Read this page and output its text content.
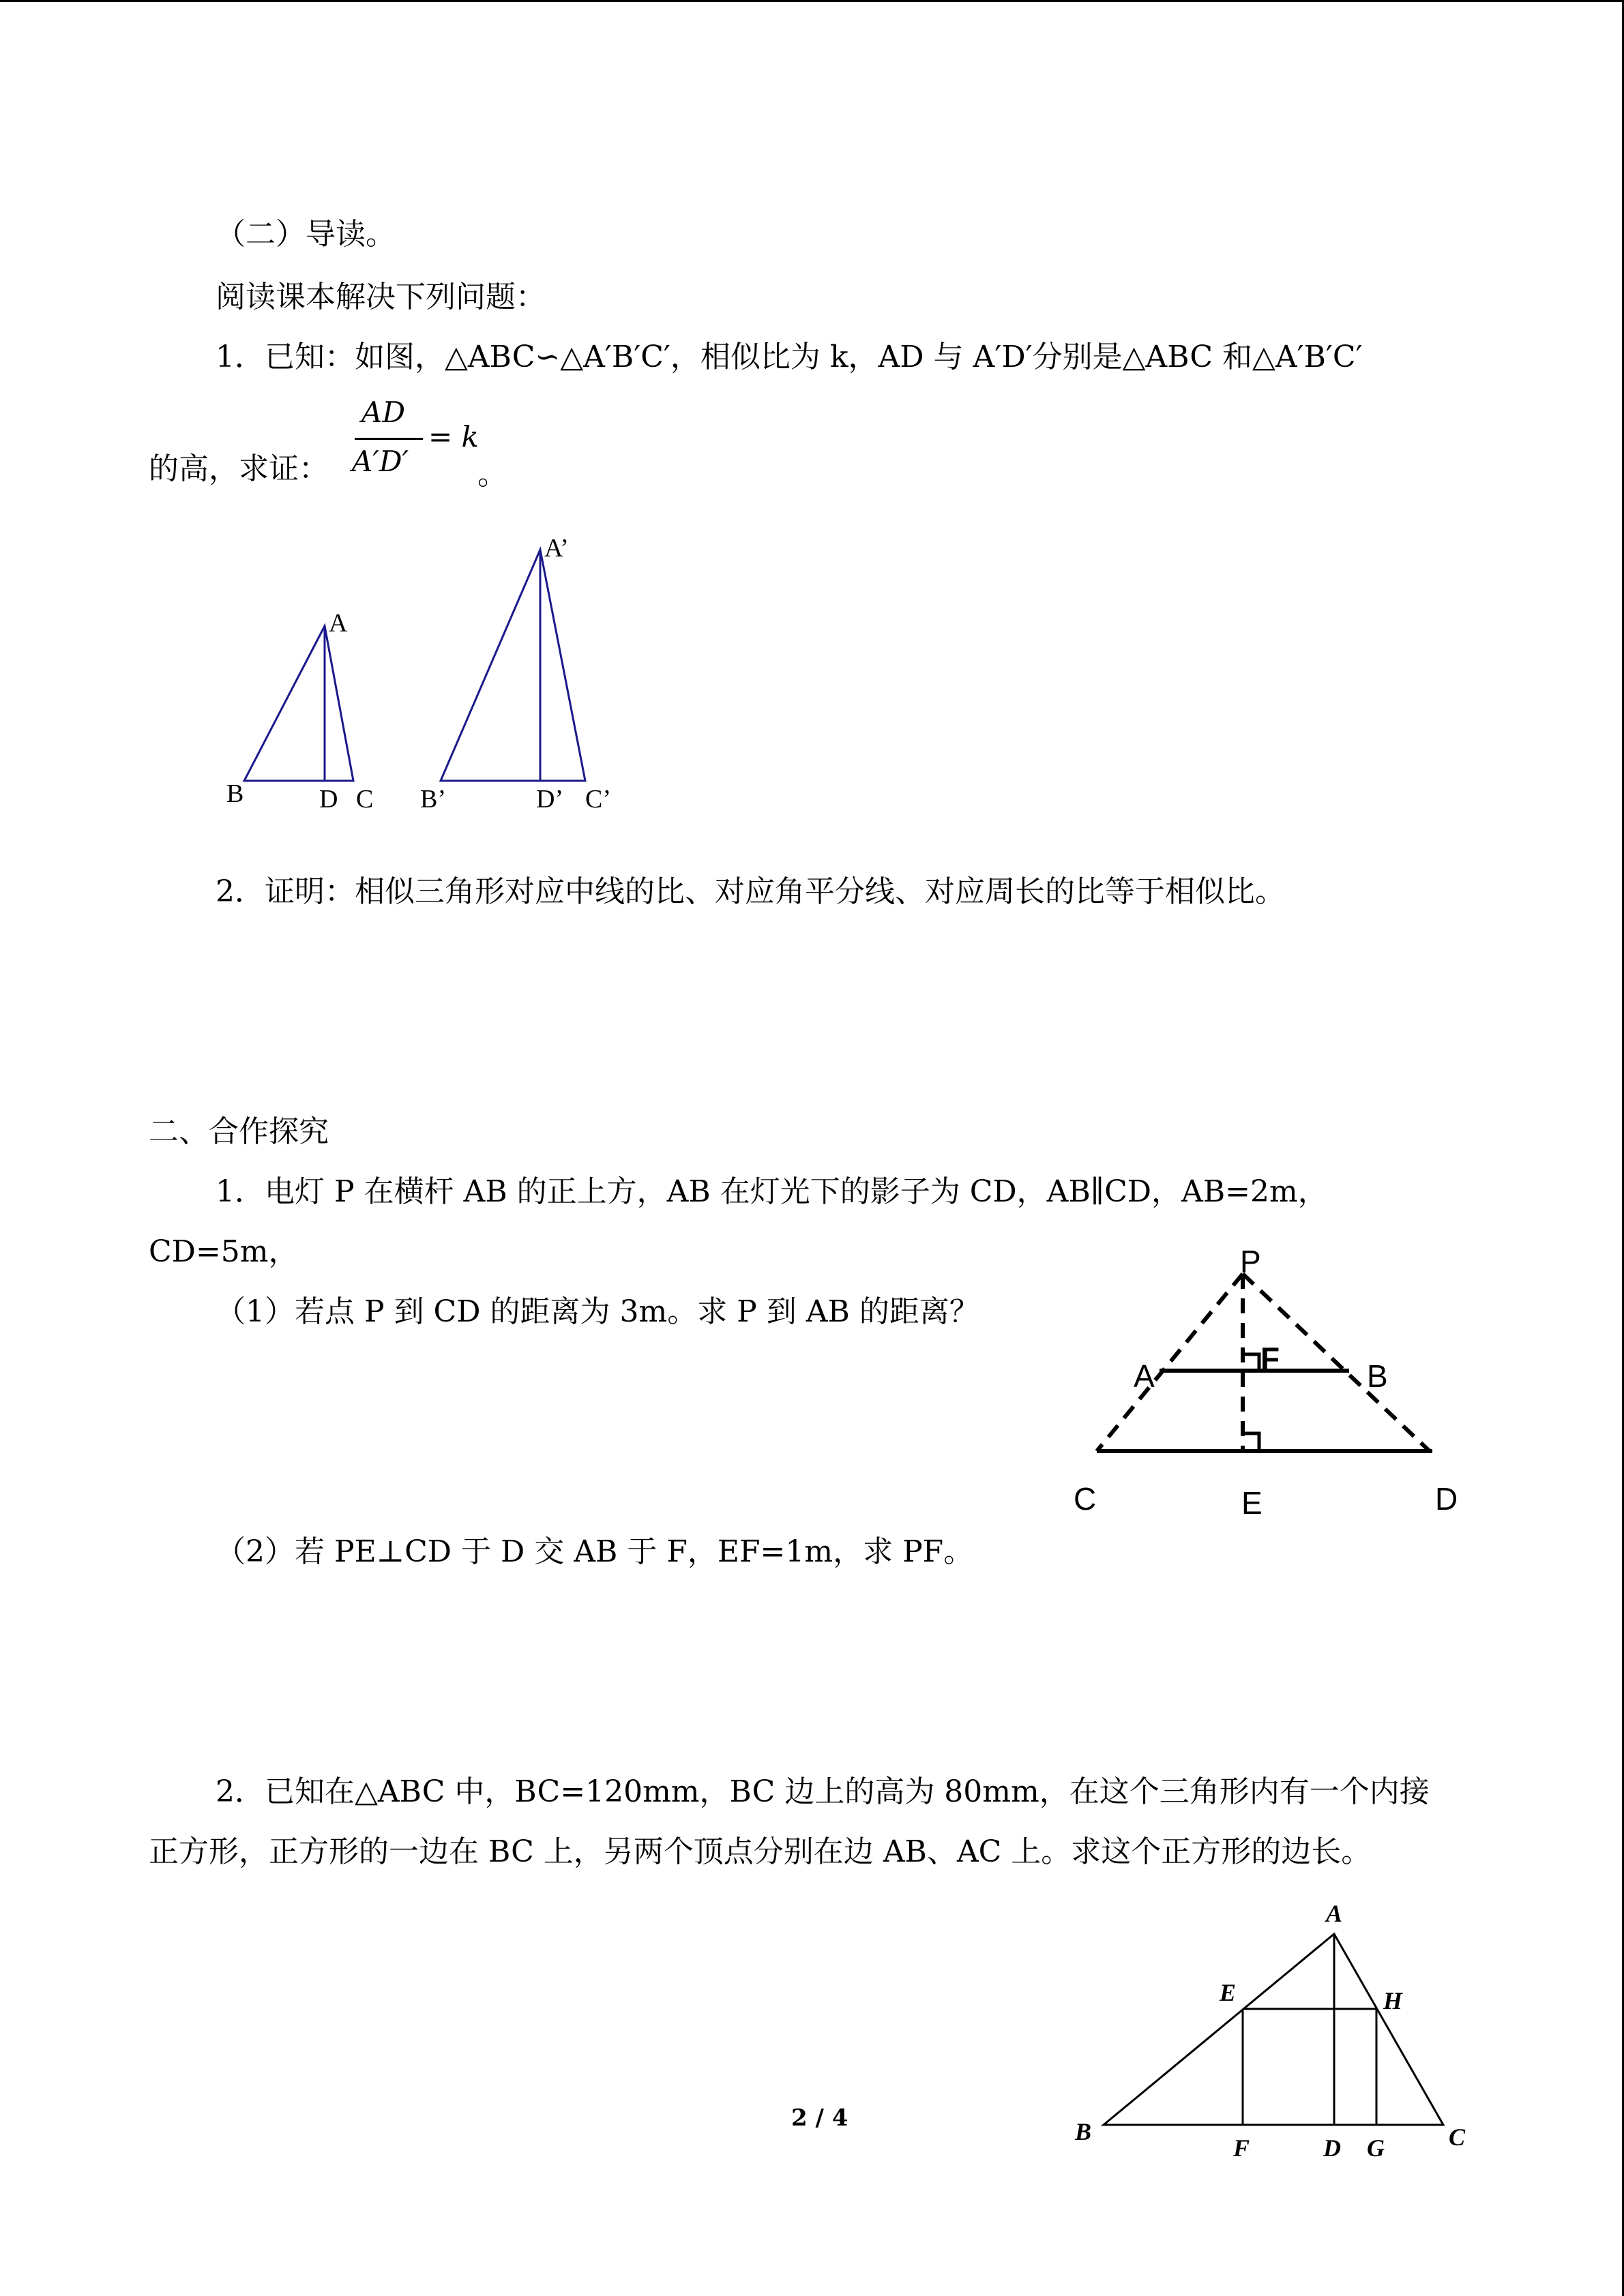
（二）导读。
阅读课本解决下列问题：
1．已知：如图，△ABC∽△A′B′C′，相似比为 k，AD 与 A′D′分别是△ABC 和△A′B′C′
的高，求证：
AD
A′D′
= k
。
A
B	D C
A’
B’	D’ C’
2．证明：相似三角形对应中线的比、对应角平分线、对应周长的比等于相似比。
二、合作探究
1．电灯 P 在横杆 AB 的正上方，AB 在灯光下的影子为 CD，AB∥CD，AB=2m，
CD=5m，
（1）若点 P 到 CD 的距离为 3m。求 P 到 AB 的距离？
P
A	F	B
C	E	D
（2）若 PE⊥CD 于 D 交 AB 于 F，EF=1m，求 PF。
2．已知在△ABC 中，BC=120mm，BC 边上的高为 80mm，在这个三角形内有一个内接
正方形，正方形的一边在 BC 上，另两个顶点分别在边 AB、AC 上。求这个正方形的边长。
A
E	H
B
F	D G	C
2 / 4
